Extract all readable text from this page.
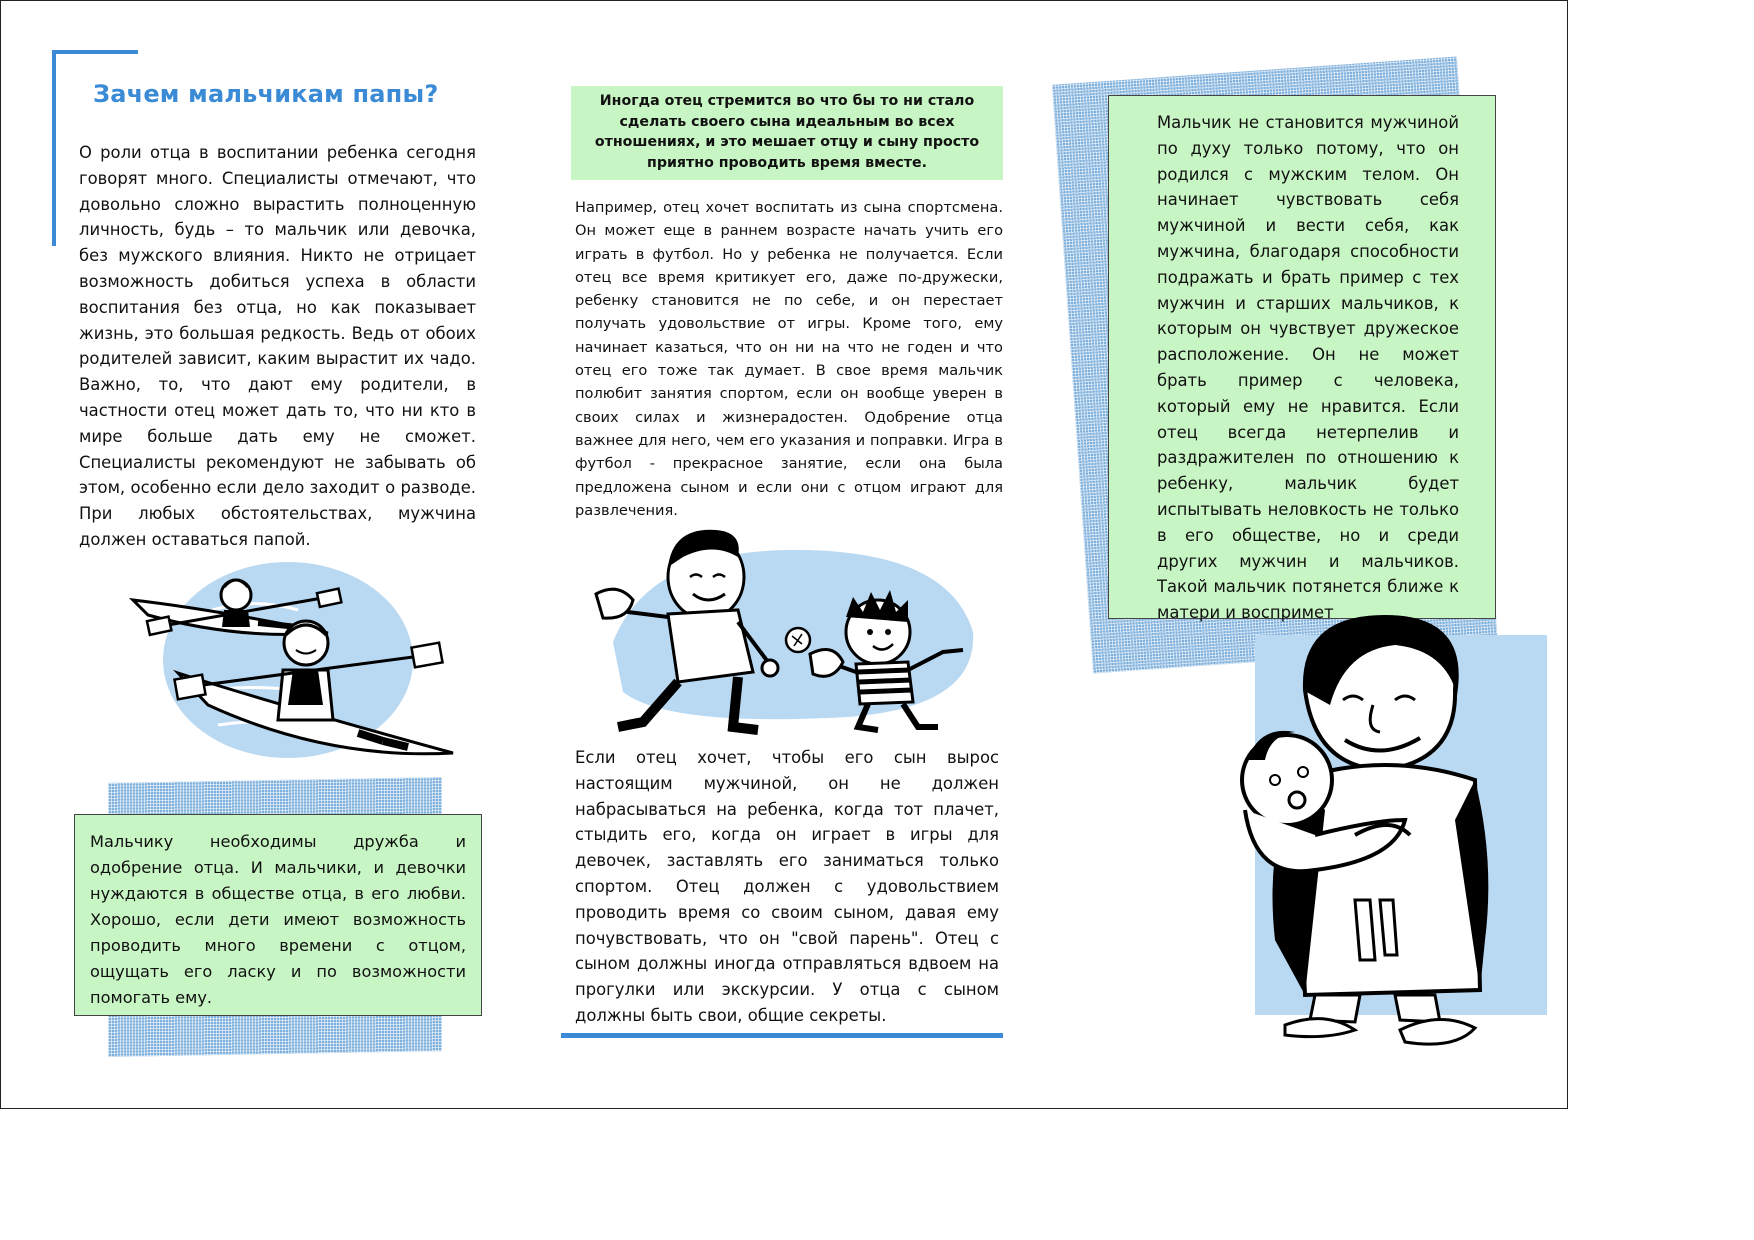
Зачем мальчикам папы?

О роли отца в воспитании ребенка сегодня говорят много. Специалисты отмечают, что довольно сложно вырастить полноценную личность, будь – то мальчик или девочка, без мужского влияния. Никто не отрицает возможность добиться успеха в области воспитания без отца, но как показывает жизнь, это большая редкость. Ведь от обоих родителей зависит, каким вырастит их чадо. Важно, то, что дают ему родители, в частности отец может дать то, что ни кто в мире больше дать ему не сможет. Специалисты рекомендуют не забывать об этом, особенно если дело заходит о разводе. При любых обстоятельствах, мужчина должен оставаться папой.

Мальчику необходимы дружба и одобрение отца. И мальчики, и девочки нуждаются в обществе отца, в его любви. Хорошо, если дети имеют возможность проводить много времени с отцом, ощущать его ласку и по возможности помогать ему.
Иногда отец стремится во что бы то ни стало сделать своего сына идеальным во всех отношениях, и это мешает отцу и сыну просто приятно проводить время вместе.

Например, отец хочет воспитать из сына спортсмена. Он может еще в раннем возрасте начать учить его играть в футбол. Но у ребенка не получается. Если отец все время критикует его, даже по-дружески, ребенку становится не по себе, и он перестает получать удовольствие от игры. Кроме того, ему начинает казаться, что он ни на что не годен и что отец его тоже так думает. В свое время мальчик полюбит занятия спортом, если он вообще уверен в своих силах и жизнерадостен. Одобрение отца важнее для него, чем его указания и поправки. Игра в футбол - прекрасное занятие, если она была предложена сыном и если они с отцом играют для развлечения.

Если отец хочет, чтобы его сын вырос настоящим мужчиной, он не должен набрасываться на ребенка, когда тот плачет, стыдить его, когда он играет в игры для девочек, заставлять его заниматься только спортом. Отец должен с удовольствием проводить время со своим сыном, давая ему почувствовать, что он "свой парень". Отец с сыном должны иногда отправляться вдвоем на прогулки или экскурсии. У отца с сыном должны быть свои, общие секреты.

Мальчик не становится мужчиной по духу только потому, что он родился с мужским телом. Он начинает чувствовать себя мужчиной и вести себя, как мужчина, благодаря способности подражать и брать пример с тех мужчин и старших мальчиков, к которым он чувствует дружеское расположение. Он не может брать пример с человека, который ему не нравится. Если отец всегда нетерпелив и раздражителен по отношению к ребенку, мальчик будет испытывать неловкость не только в его обществе, но и среди других мужчин и мальчиков. Такой мальчик потянется ближе к матери и воспримет
